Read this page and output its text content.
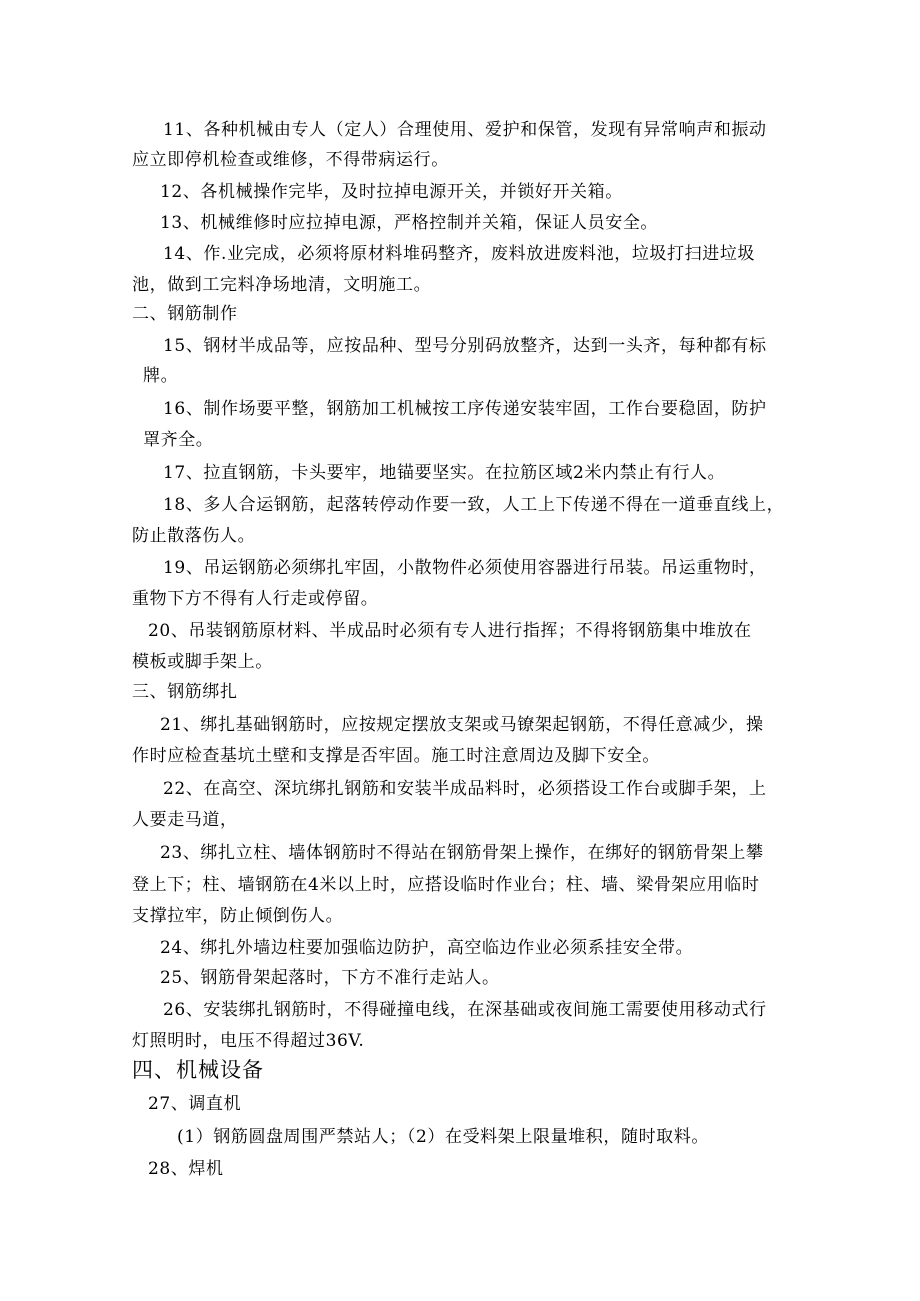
11、各种机械由专人（定人）合理使用、爱护和保管，发现有异常响声和振动
应立即停机检查或维修，不得带病运行。
12、各机械操作完毕，及时拉掉电源开关，并锁好开关箱。
13、机械维修时应拉掉电源，严格控制并关箱，保证人员安全。
14、作.业完成，必须将原材料堆码整齐，废料放进废料池，垃圾打扫进垃圾
池，做到工完料净场地清，文明施工。
二、钢筋制作
15、钢材半成品等，应按品种、型号分别码放整齐，达到一头齐，每种都有标
牌。
16、制作场要平整，钢筋加工机械按工序传递安装牢固，工作台要稳固，防护
罩齐全。
17、拉直钢筋，卡头要牢，地锚要坚实。在拉筋区域2米内禁止有行人。
18、多人合运钢筋，起落转停动作要一致，人工上下传递不得在一道垂直线上，
防止散落伤人。
19、吊运钢筋必须绑扎牢固，小散物件必须使用容器进行吊装。吊运重物时，
重物下方不得有人行走或停留。
20、吊装钢筋原材料、半成品时必须有专人进行指挥；不得将钢筋集中堆放在
模板或脚手架上。
三、钢筋绑扎
21、绑扎基础钢筋时，应按规定摆放支架或马镣架起钢筋，不得任意减少，操
作时应检查基坑土壁和支撑是否牢固。施工时注意周边及脚下安全。
22、在高空、深坑绑扎钢筋和安装半成品料时，必须搭设工作台或脚手架，上
人要走马道，
23、绑扎立柱、墙体钢筋时不得站在钢筋骨架上操作，在绑好的钢筋骨架上攀
登上下；柱、墙钢筋在4米以上时，应搭设临时作业台；柱、墙、梁骨架应用临时
支撑拉牢，防止倾倒伤人。
24、绑扎外墙边柱要加强临边防护，高空临边作业必须系挂安全带。
25、钢筋骨架起落时，下方不准行走站人。
26、安装绑扎钢筋时，不得碰撞电线，在深基础或夜间施工需要使用移动式行
灯照明时，电压不得超过36V.
四、机械设备
27、调直机
(1）钢筋圆盘周围严禁站人；（2）在受料架上限量堆积，随时取料。
28、焊机
